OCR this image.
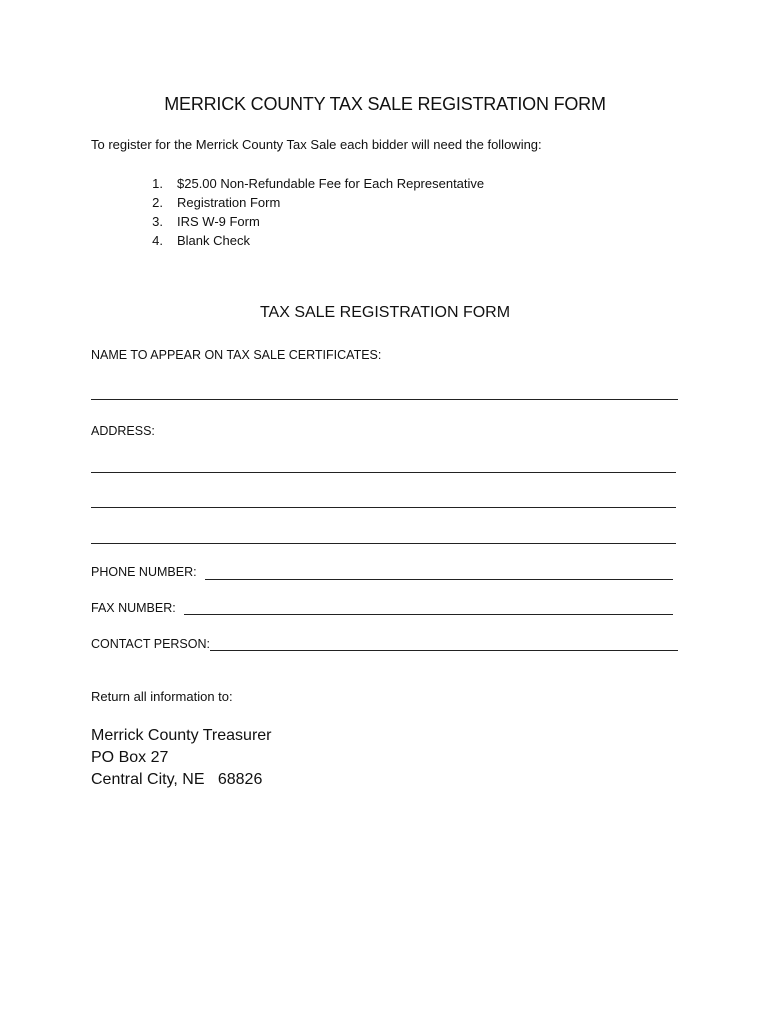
MERRICK COUNTY TAX SALE REGISTRATION FORM
To register for the Merrick County Tax Sale each bidder will need the following:
1. $25.00 Non-Refundable Fee for Each Representative
2. Registration Form
3. IRS W-9 Form
4. Blank Check
TAX SALE REGISTRATION FORM
NAME TO APPEAR ON TAX SALE CERTIFICATES:
ADDRESS:
PHONE NUMBER:
FAX NUMBER:
CONTACT PERSON:
Return all information to:
Merrick County Treasurer
PO Box 27
Central City, NE   68826
